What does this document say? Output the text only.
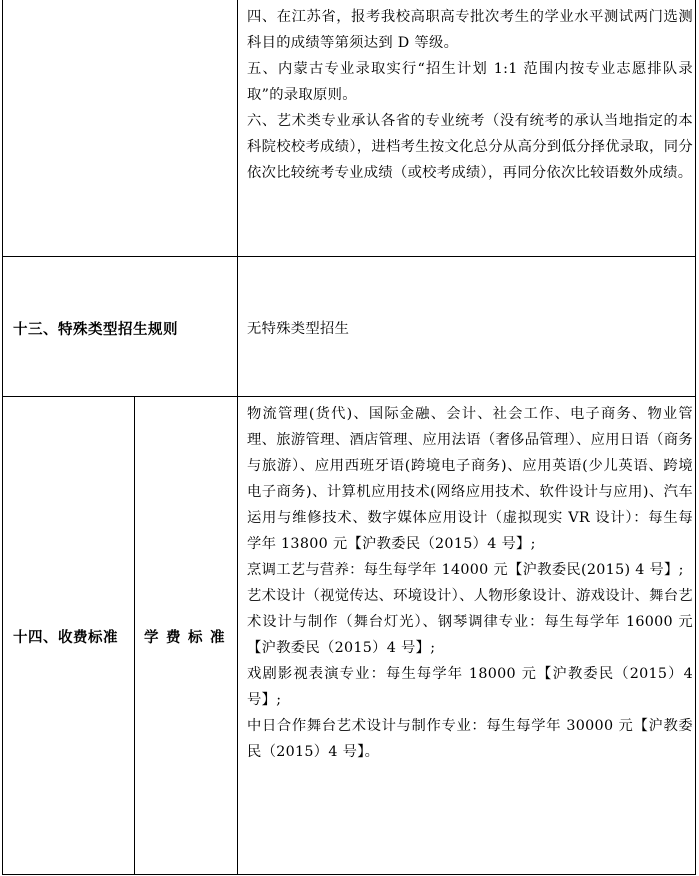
四、在江苏省，报考我校高职高专批次考生的学业水平测试两门选测科目的成绩等第须达到 D 等级。

五、内蒙古专业录取实行“招生计划 1:1 范围内按专业志愿排队录取”的录取原则。

六、艺术类专业承认各省的专业统考（没有统考的承认当地指定的本科院校校考成绩），进档考生按文化总分从高分到低分择优录取，同分依次比较统考专业成绩（或校考成绩），再同分依次比较语数外成绩。

十三、特殊类型招生规则	无特殊类型招生

十四、收费标准 学费标准

物流管理(货代)、国际金融、会计、社会工作、电子商务、物业管理、旅游管理、酒店管理、应用法语（奢侈品管理）、应用日语（商务与旅游）、应用西班牙语(跨境电子商务)、应用英语(少儿英语、跨境电子商务)、计算机应用技术(网络应用技术、软件设计与应用)、汽车运用与维修技术、数字媒体应用设计（虚拟现实 VR 设计）：每生每学年 13800 元【沪教委民（2015）4 号】;

烹调工艺与营养：每生每学年 14000 元【沪教委民(2015) 4 号】;

艺术设计（视觉传达、环境设计）、人物形象设计、游戏设计、舞台艺术设计与制作（舞台灯光）、钢琴调律专业：每生每学年 16000 元【沪教委民（2015）4 号】;

戏剧影视表演专业：每生每学年 18000 元【沪教委民（2015）4 号】;

中日合作舞台艺术设计与制作专业：每生每学年 30000 元【沪教委民（2015）4 号】。
